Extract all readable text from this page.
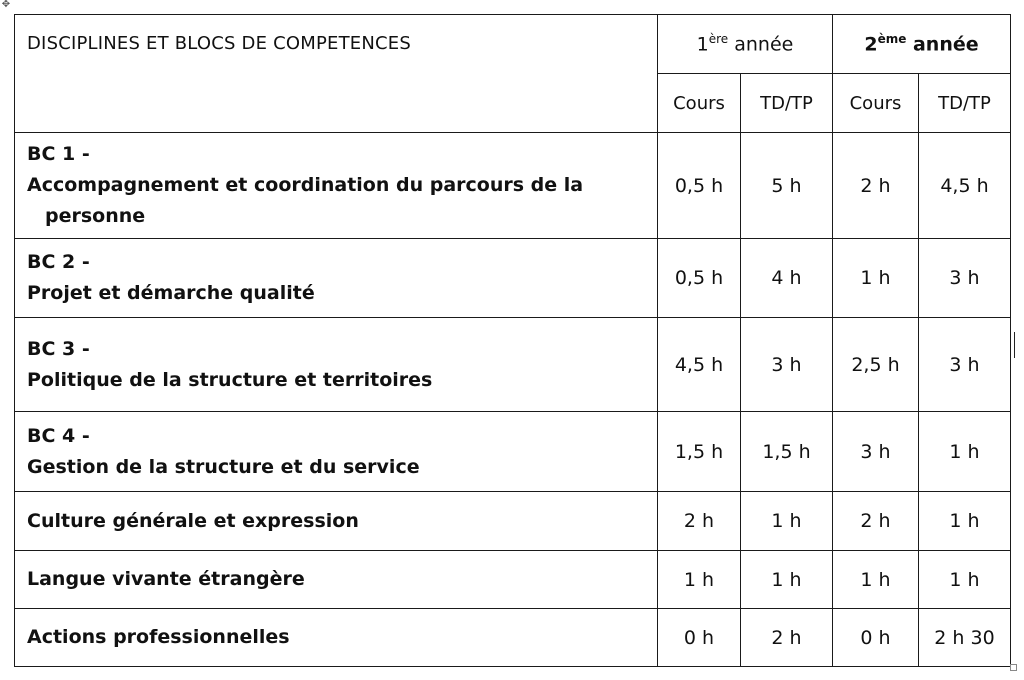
✥
DISCIPLINES ET BLOCS DE COMPETENCES	1ère année		2ème année	
	Cours	TD/TP	Cours	TD/TP

BC 1 -
Accompagnement et coordination du parcours de la
personne	0,5 h	5 h	2 h	4,5 h

BC 2 -
Projet et démarche qualité	0,5 h	4 h	1 h	3 h

BC 3 -
Politique de la structure et territoires	4,5 h	3 h	2,5 h	3 h

BC 4 -
Gestion de la structure et du service	1,5 h	1,5 h	3 h	1 h
Culture générale et expression	2 h	1 h	2 h	1 h
Langue vivante étrangère	1 h	1 h	1 h	1 h
Actions professionnelles	0 h	2 h	0 h	2 h 30
